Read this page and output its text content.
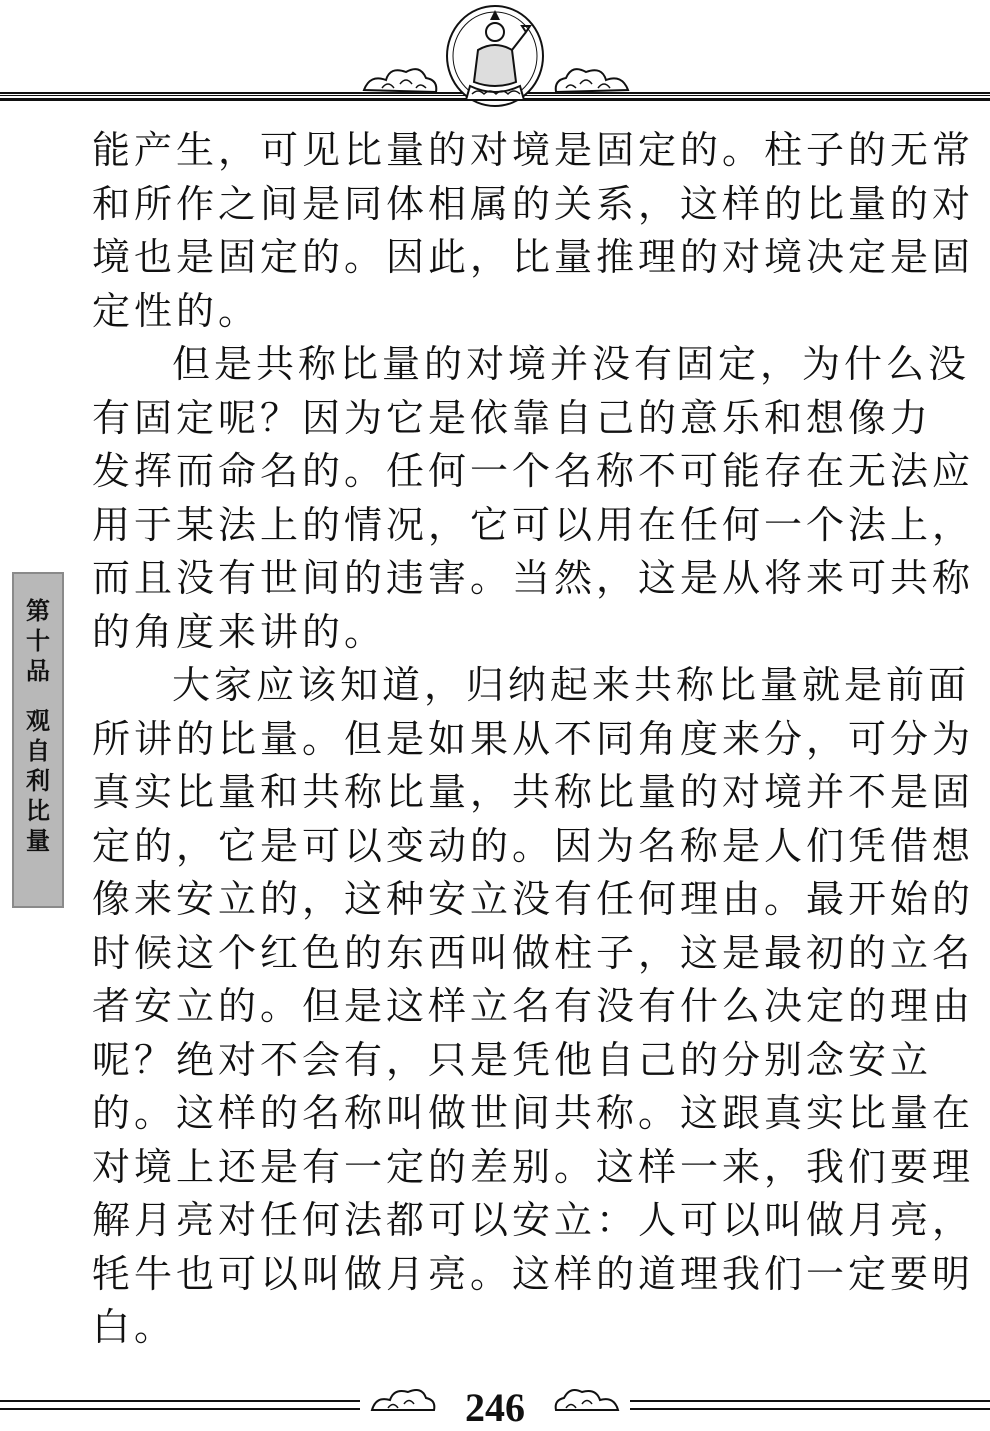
第
十
品
观
自
利
比
量
能产生，可见比量的对境是固定的。柱子的无常
和所作之间是同体相属的关系，这样的比量的对
境也是固定的。因此，比量推理的对境决定是固
定性的。
但是共称比量的对境并没有固定，为什么没
有固定呢？因为它是依靠自己的意乐和想像力
发挥而命名的。任何一个名称不可能存在无法应
用于某法上的情况，它可以用在任何一个法上，
而且没有世间的违害。当然，这是从将来可共称
的角度来讲的。
大家应该知道，归纳起来共称比量就是前面
所讲的比量。但是如果从不同角度来分，可分为
真实比量和共称比量，共称比量的对境并不是固
定的，它是可以变动的。因为名称是人们凭借想
像来安立的，这种安立没有任何理由。最开始的
时候这个红色的东西叫做柱子，这是最初的立名
者安立的。但是这样立名有没有什么决定的理由
呢？绝对不会有，只是凭他自己的分别念安立
的。这样的名称叫做世间共称。这跟真实比量在
对境上还是有一定的差别。这样一来，我们要理
解月亮对任何法都可以安立：人可以叫做月亮，
牦牛也可以叫做月亮。这样的道理我们一定要明
白。
246
